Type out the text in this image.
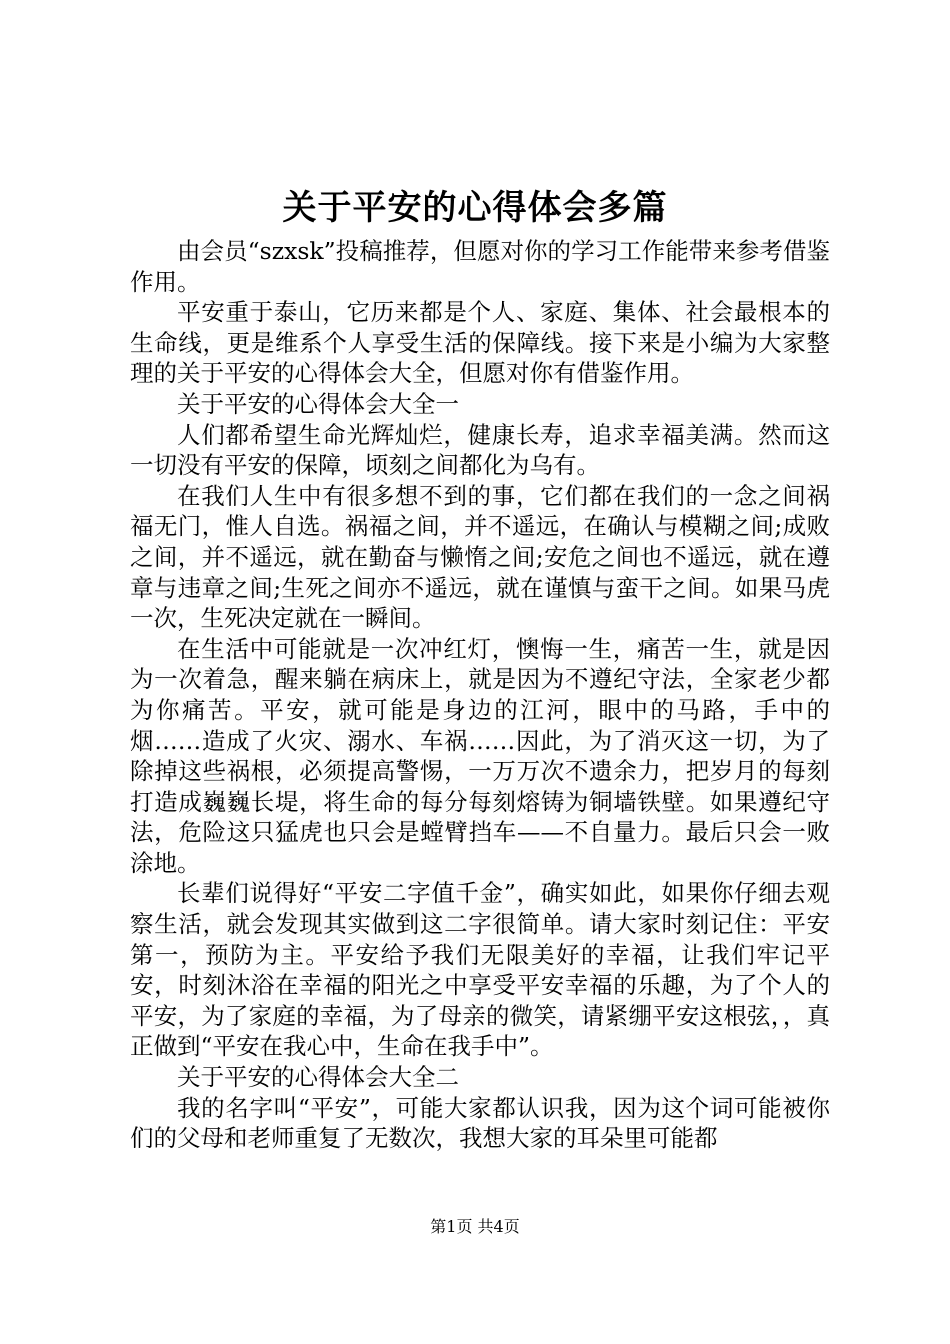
关于平安的心得体会多篇

由会员“szxsk”投稿推荐，但愿对你的学习工作能带来参考借鉴作用。

平安重于泰山，它历来都是个人、家庭、集体、社会最根本的生命线，更是维系个人享受生活的保障线。接下来是小编为大家整理的关于平安的心得体会大全，但愿对你有借鉴作用。

关于平安的心得体会大全一

人们都希望生命光辉灿烂，健康长寿，追求幸福美满。然而这一切没有平安的保障，顷刻之间都化为乌有。

在我们人生中有很多想不到的事，它们都在我们的一念之间祸福无门，惟人自选。祸福之间，并不遥远，在确认与模糊之间;成败之间，并不遥远，就在勤奋与懒惰之间;安危之间也不遥远，就在遵章与违章之间;生死之间亦不遥远，就在谨慎与蛮干之间。如果马虎一次，生死决定就在一瞬间。

在生活中可能就是一次冲红灯，懊悔一生，痛苦一生，就是因为一次着急，醒来躺在病床上，就是因为不遵纪守法，全家老少都为你痛苦。平安，就可能是身边的江河，眼中的马路，手中的烟……造成了火灾、溺水、车祸……因此，为了消灭这一切，为了除掉这些祸根，必须提高警惕，一万万次不遗余力，把岁月的每刻打造成巍巍长堤，将生命的每分每刻熔铸为铜墙铁壁。如果遵纪守法，危险这只猛虎也只会是螳臂挡车——不自量力。最后只会一败涂地。

长辈们说得好“平安二字值千金”，确实如此，如果你仔细去观察生活，就会发现其实做到这二字很简单。请大家时刻记住：平安第一，预防为主。平安给予我们无限美好的幸福，让我们牢记平安，时刻沐浴在幸福的阳光之中享受平安幸福的乐趣，为了个人的平安，为了家庭的幸福，为了母亲的微笑，请紧绷平安这根弦，，真正做到“平安在我心中，生命在我手中”。

关于平安的心得体会大全二

我的名字叫“平安”，可能大家都认识我，因为这个词可能被你们的父母和老师重复了无数次，我想大家的耳朵里可能都

第1页 共4页
